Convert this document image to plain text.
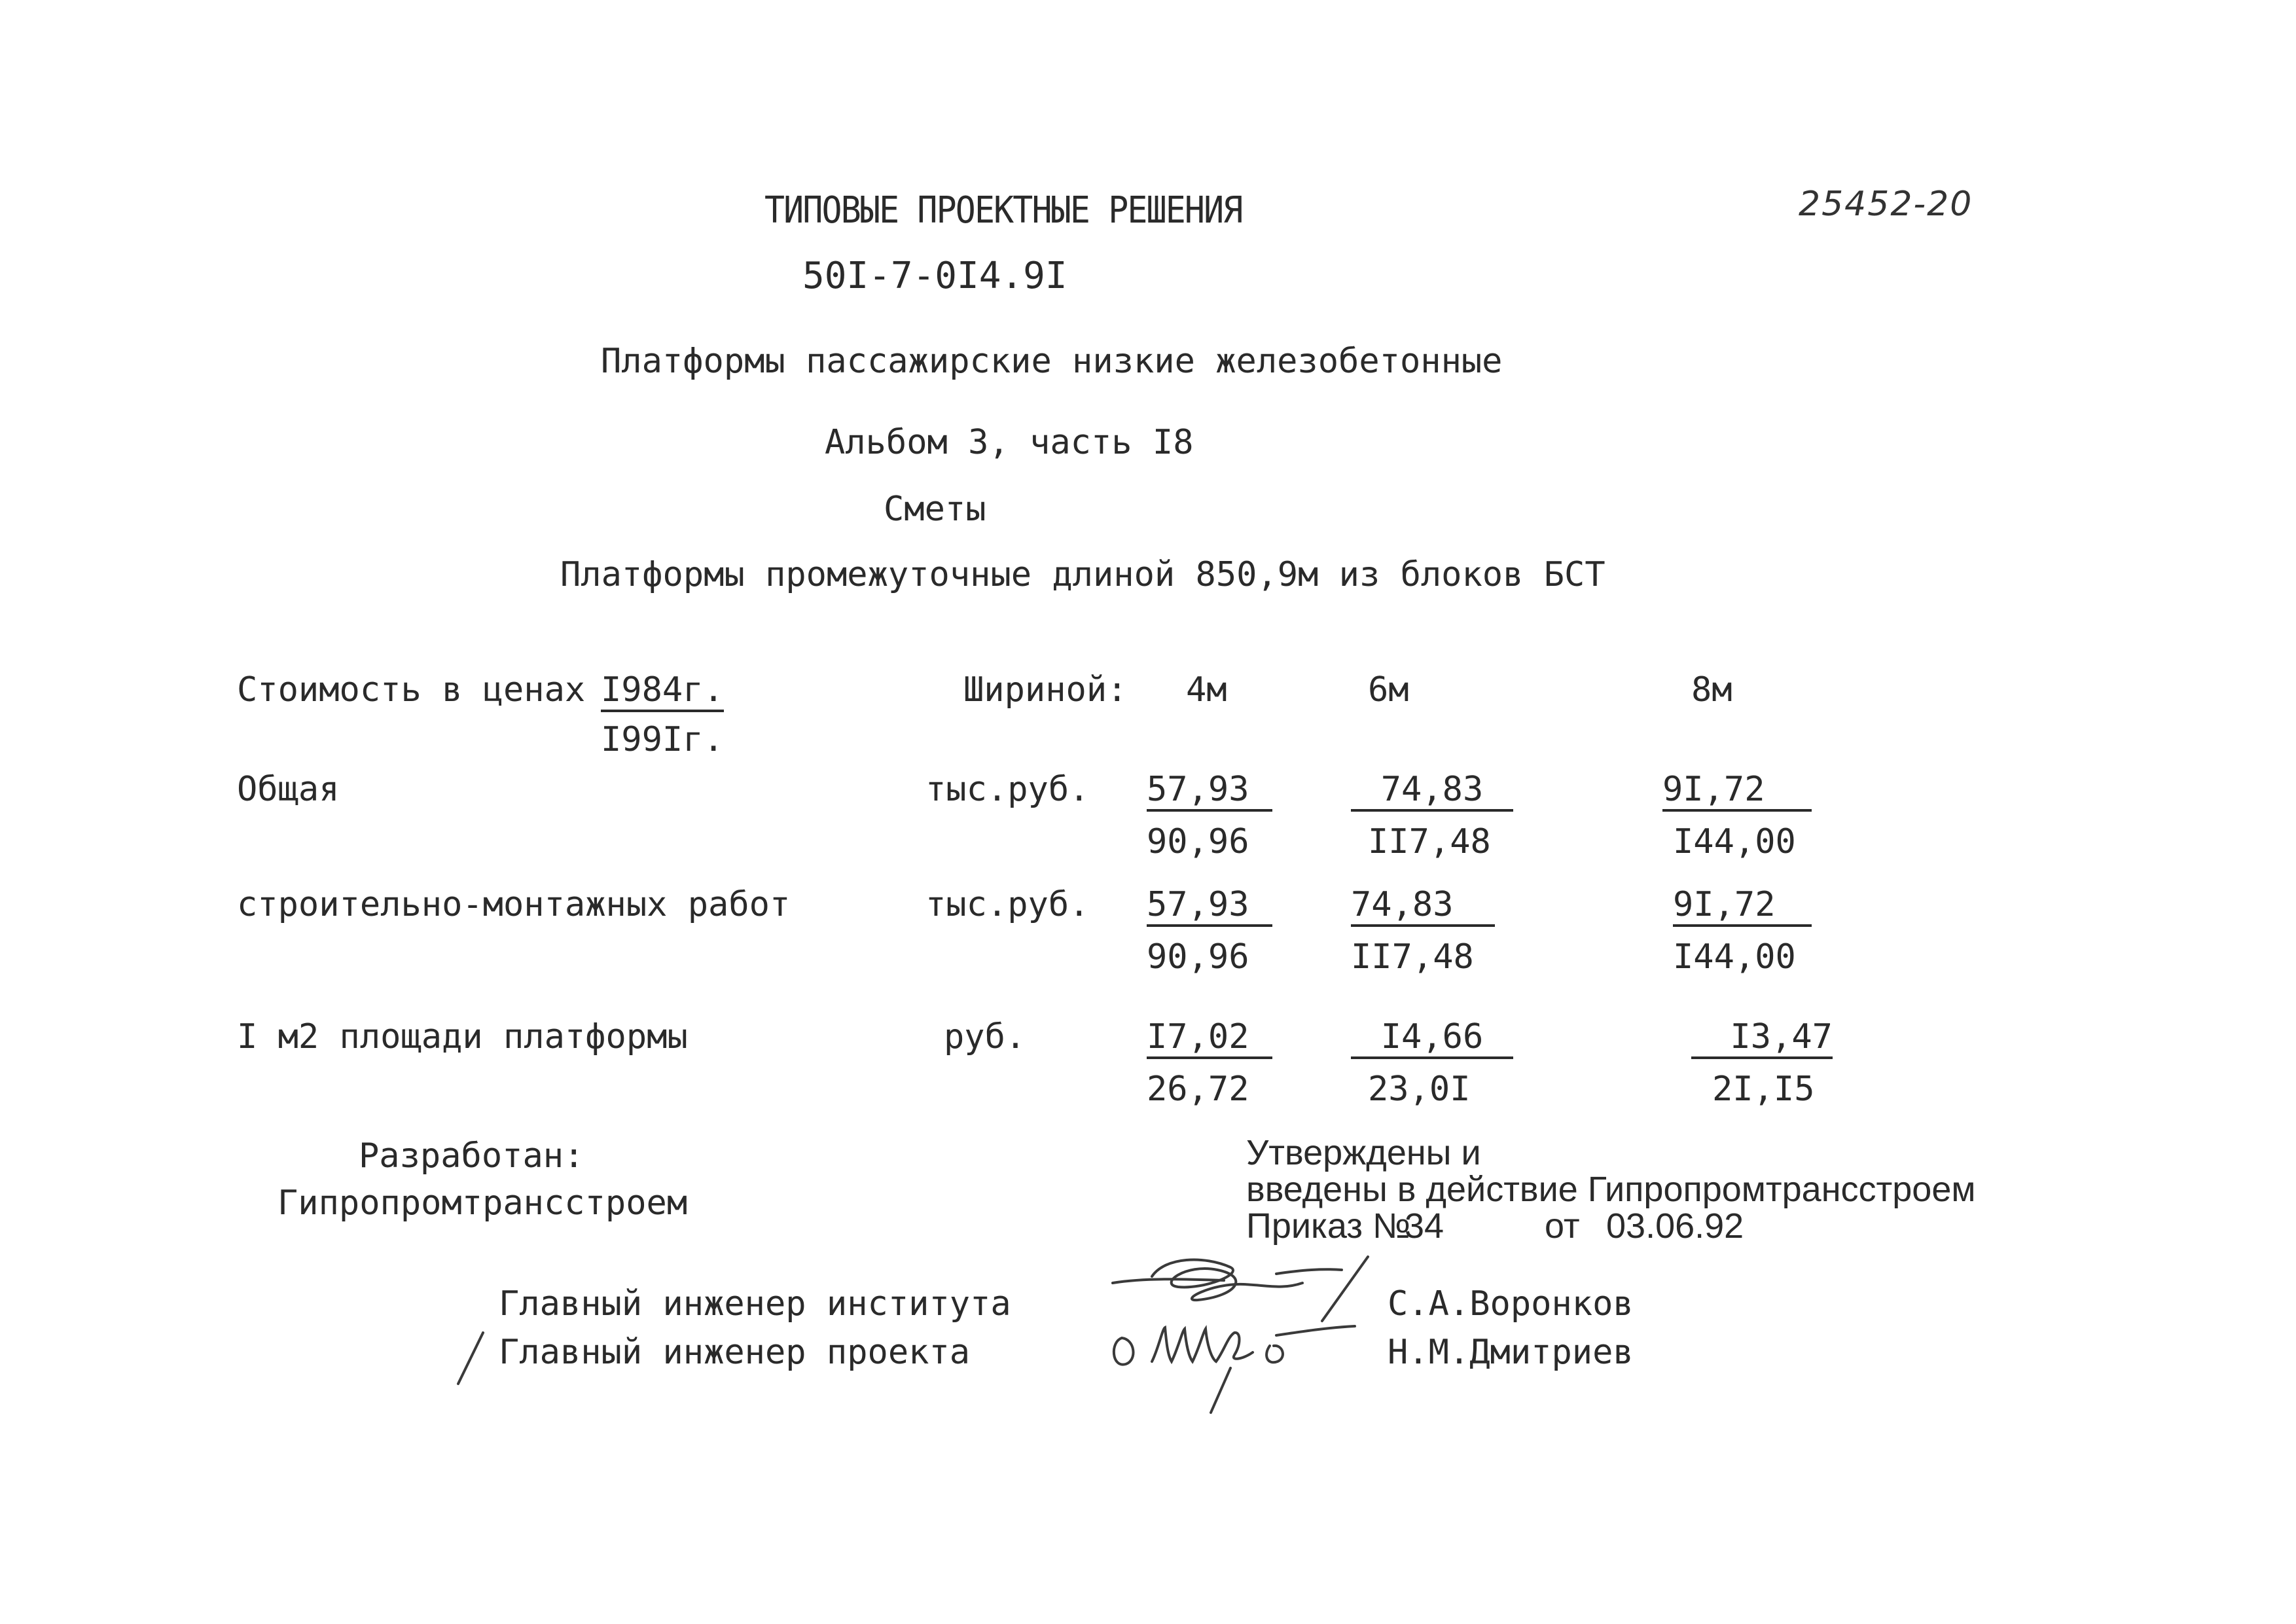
ТИПОВЫЕ ПРОЕКТНЫЕ РЕШЕНИЯ
50I-7-0I4.9I
25452-20
Платформы пассажирские низкие железобетонные
Альбом 3, часть I8
Сметы
Платформы промежуточные длиной 850,9м из блоков БСТ
Стоимость в ценах I984г.
I99Iг.
Шириной: 4м	6м	8м
Общая	тыс.руб. 57,93	74,83	9I,72
90,96	II7,48	I44,00
строительно-монтажных работ	тыс.руб. 57,93	74,83	9I,72
90,96	II7,48	I44,00
I м2 площади платформы	руб.	I7,02	I4,66	I3,47
26,72	23,0I	2I,I5
Разработан:
Гипропромтрансстроем
Утверждены и
введены в действие Гипропромтрансстроем
Приказ №
34	от 03.06.92
Главный инженер института	С.А.Воронков
Главный инженер проекта	Н.М.Дмитриев
